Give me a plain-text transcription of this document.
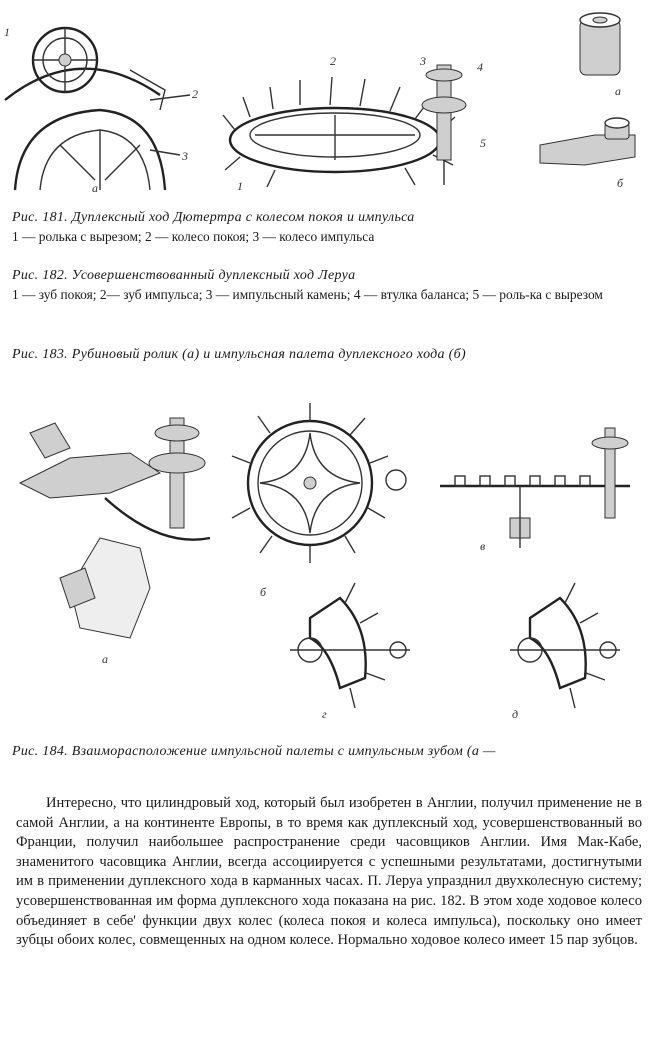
1
2
3
а	1
2	3	4
5
а
б
Рис. 181. Дуплексный ход Дютертра с колесом покоя и импульса
1 — ролька с вырезом; 2 — колесо покоя; 3 — колесо импульса
Рис. 182. Усовершенствованный дуплексный ход Леруа
1 — зуб покоя; 2— зуб импульса; 3 — импульсный камень; 4 — втулка баланса; 5 — роль-ка с вырезом
Рис. 183. Рубиновый ролик (а) и импульсная палета дуплексного хода (б)
а
б
в
г	д
Рис. 184. Взаиморасположение импульсной палеты с импульсным зубом (а —

Интересно, что цилиндровый ход, который был изобретен в Англии, получил применение не в самой Англии, а на континенте Европы, в то время как дуплексный ход, усовершенствованный во Франции, получил наибольшее распространение среди часовщиков Англии. Имя Мак-Кабе, знаменитого часовщика Англии, всегда ассоциируется с успешными результатами, достигнутыми им в применении дуплексного хода в карманных часах. П. Леруа упразднил двухколесную систему; усовершенствованная им форма дуплексного хода показана на рис. 182. В этом ходе ходовое колесо объединяет в себе' функции двух колес (колеса покоя и колеса импульса), поскольку оно имеет зубцы обоих колес, совмещенных на одном колесе. Нормально ходовое колесо имеет 15 пар зубцов.
